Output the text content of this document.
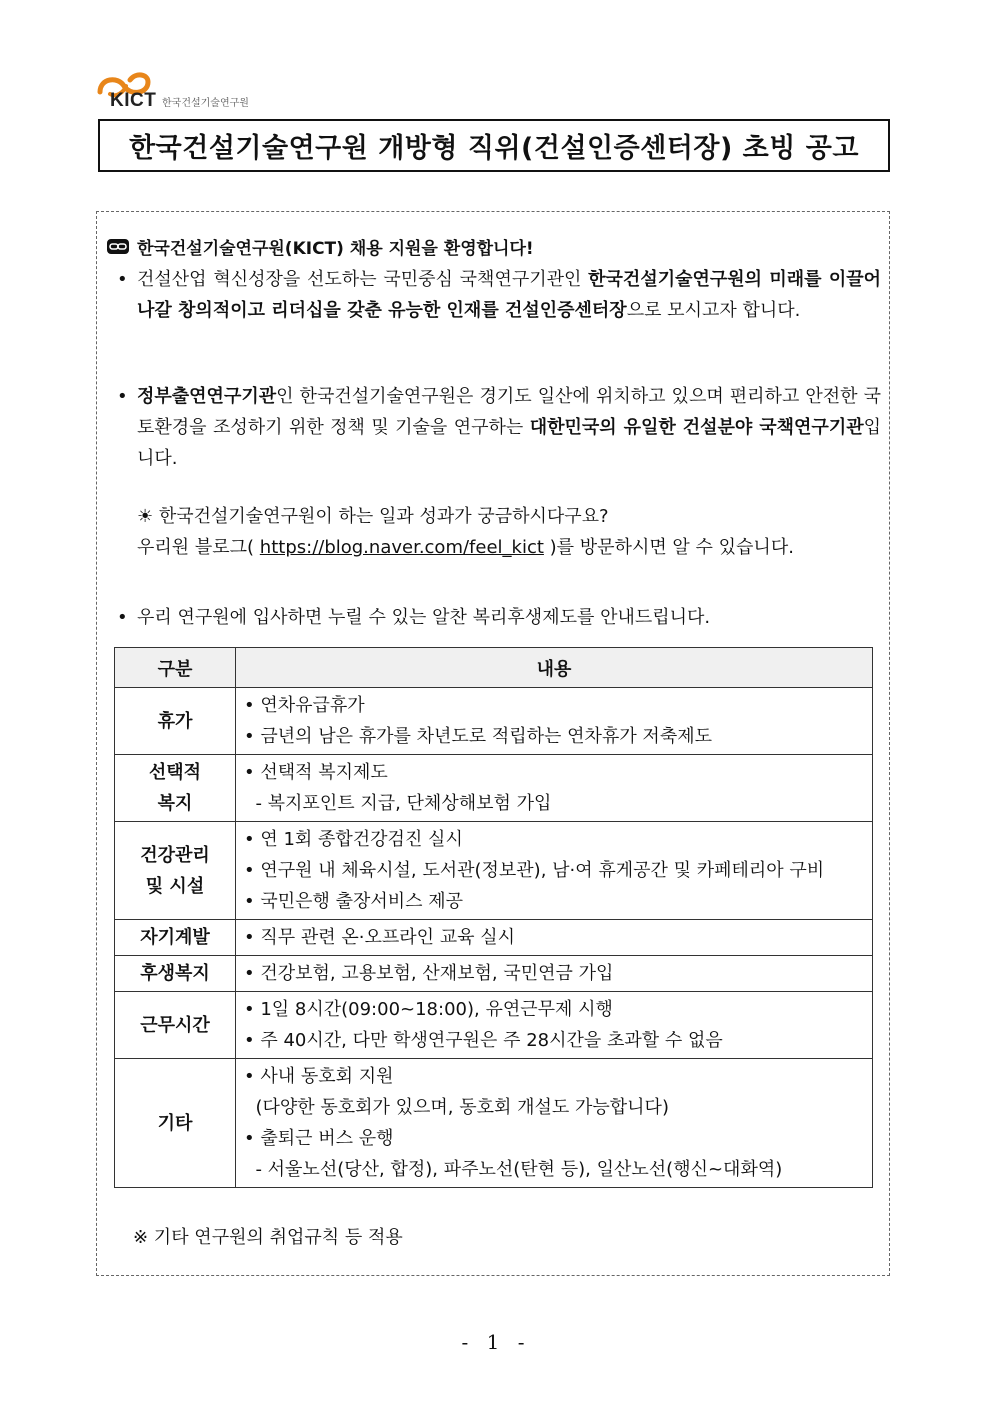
KICT 한국건설기술연구원
한국건설기술연구원 개방형 직위(건설인증센터장) 초빙 공고
한국건설기술연구원(KICT) 채용 지원을 환영합니다!
• 건설산업 혁신성장을 선도하는 국민중심 국책연구기관인 한국건설기술연구원의 미래를 이끌어 나갈 창의적이고 리더십을 갖춘 유능한 인재를 건설인증센터장으로 모시고자 합니다.
• 정부출연연구기관인 한국건설기술연구원은 경기도 일산에 위치하고 있으며 편리하고 안전한 국토환경을 조성하기 위한 정책 및 기술을 연구하는 대한민국의 유일한 건설분야 국책연구기관입니다.
☀ 한국건설기술연구원이 하는 일과 성과가 궁금하시다구요?
우리원 블로그( https://blog.naver.com/feel_kict )를 방문하시면 알 수 있습니다.
• 우리 연구원에 입사하면 누릴 수 있는 알찬 복리후생제도를 안내드립니다.
구분	내용
휴가	• 연차유급휴가
• 금년의 남은 휴가를 차년도로 적립하는 연차휴가 저축제도

선택적
복지	• 선택적 복지제도
- 복지포인트 지급, 단체상해보험 가입

건강관리
및 시설	• 연 1회 종합건강검진 실시
• 연구원 내 체육시설, 도서관(정보관), 남·여 휴게공간 및 카페테리아 구비
• 국민은행 출장서비스 제공

자기계발	• 직무 관련 온·오프라인 교육 실시

후생복지	• 건강보험, 고용보험, 산재보험, 국민연금 가입

근무시간	• 1일 8시간(09:00~18:00), 유연근무제 시행
• 주 40시간, 다만 학생연구원은 주 28시간을 초과할 수 없음

기타	• 사내 동호회 지원
(다양한 동호회가 있으며, 동호회 개설도 가능합니다)
• 출퇴근 버스 운행
- 서울노선(당산, 합정), 파주노선(탄현 등), 일산노선(행신~대화역)
※ 기타 연구원의 취업규칙 등 적용
- 1 -
